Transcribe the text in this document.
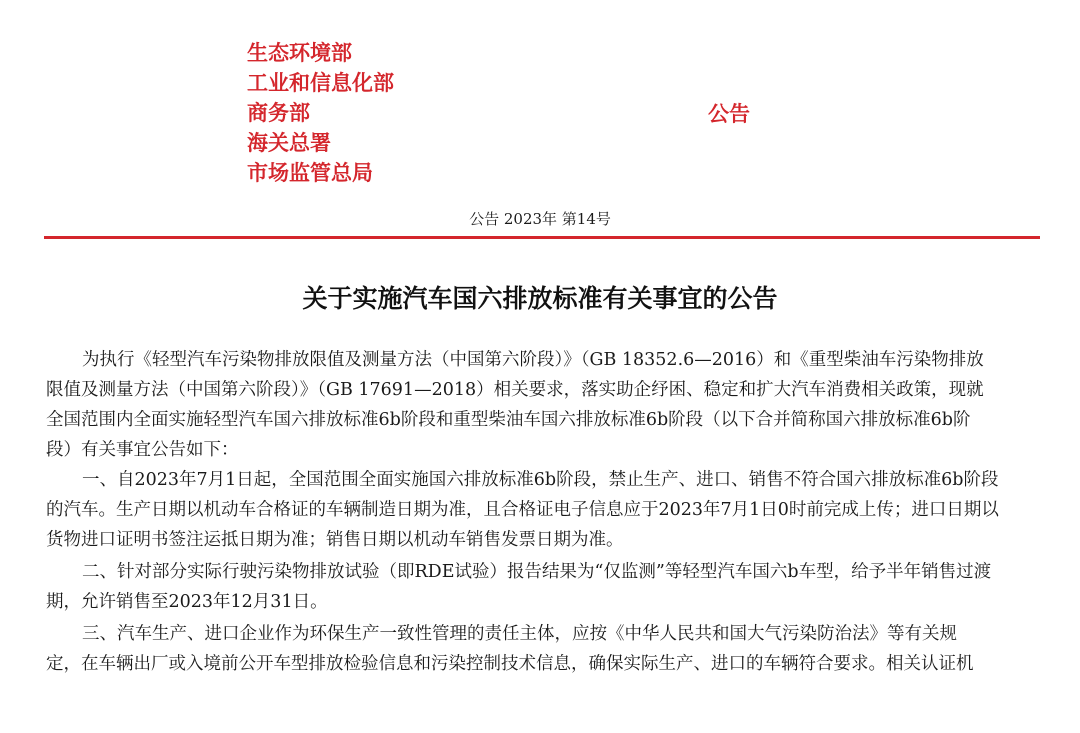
生态环境部
工业和信息化部
商务部
海关总署
市场监管总局
公告
公告 2023年 第14号
关于实施汽车国六排放标准有关事宜的公告
为执行《轻型汽车污染物排放限值及测量方法（中国第六阶段）》（GB 18352.6—2016）和《重型柴油车污染物排放
限值及测量方法（中国第六阶段）》（GB 17691—2018）相关要求，落实助企纾困、稳定和扩大汽车消费相关政策，现就
全国范围内全面实施轻型汽车国六排放标准6b阶段和重型柴油车国六排放标准6b阶段（以下合并简称国六排放标准6b阶
段）有关事宜公告如下：
一、自2023年7月1日起，全国范围全面实施国六排放标准6b阶段，禁止生产、进口、销售不符合国六排放标准6b阶段
的汽车。生产日期以机动车合格证的车辆制造日期为准，且合格证电子信息应于2023年7月1日0时前完成上传；进口日期以
货物进口证明书签注运抵日期为准；销售日期以机动车销售发票日期为准。
二、针对部分实际行驶污染物排放试验（即RDE试验）报告结果为“仅监测”等轻型汽车国六b车型，给予半年销售过渡
期，允许销售至2023年12月31日。
三、汽车生产、进口企业作为环保生产一致性管理的责任主体，应按《中华人民共和国大气污染防治法》等有关规
定，在车辆出厂或入境前公开车型排放检验信息和污染控制技术信息，确保实际生产、进口的车辆符合要求。相关认证机
